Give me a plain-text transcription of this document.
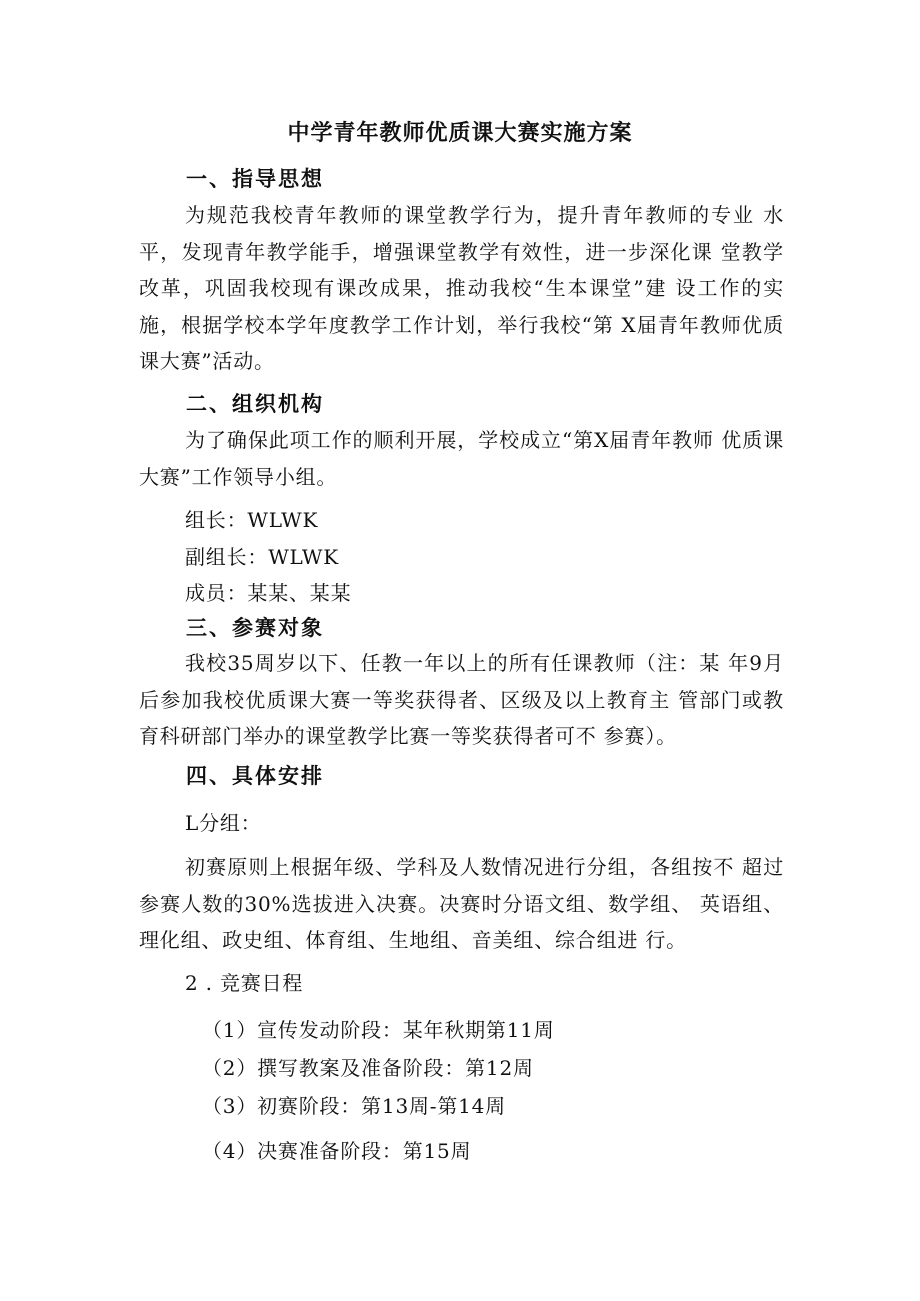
中学青年教师优质课大赛实施方案
一、指导思想
为规范我校青年教师的课堂教学行为，提升青年教师的专业 水平，发现青年教学能手，增强课堂教学有效性，进一步深化课 堂教学改革，巩固我校现有课改成果，推动我校“生本课堂”建 设工作的实施，根据学校本学年度教学工作计划，举行我校“第 X届青年教师优质课大赛”活动。
二、组织机构
为了确保此项工作的顺利开展，学校成立“第X届青年教师 优质课大赛”工作领导小组。
组长：WLWK
副组长：WLWK
成员：某某、某某
三、参赛对象
我校35周岁以下、任教一年以上的所有任课教师（注：某 年9月后参加我校优质课大赛一等奖获得者、区级及以上教育主 管部门或教育科研部门举办的课堂教学比赛一等奖获得者可不 参赛）。
四、具体安排
L分组：
初赛原则上根据年级、学科及人数情况进行分组，各组按不 超过参赛人数的30%选拔进入决赛。决赛时分语文组、数学组、 英语组、理化组、政史组、体育组、生地组、音美组、综合组进 行。
2 . 竞赛日程
（1）宣传发动阶段：某年秋期第11周
（2）撰写教案及准备阶段：第12周
（3）初赛阶段：第13周-第14周
（4）决赛准备阶段：第15周
